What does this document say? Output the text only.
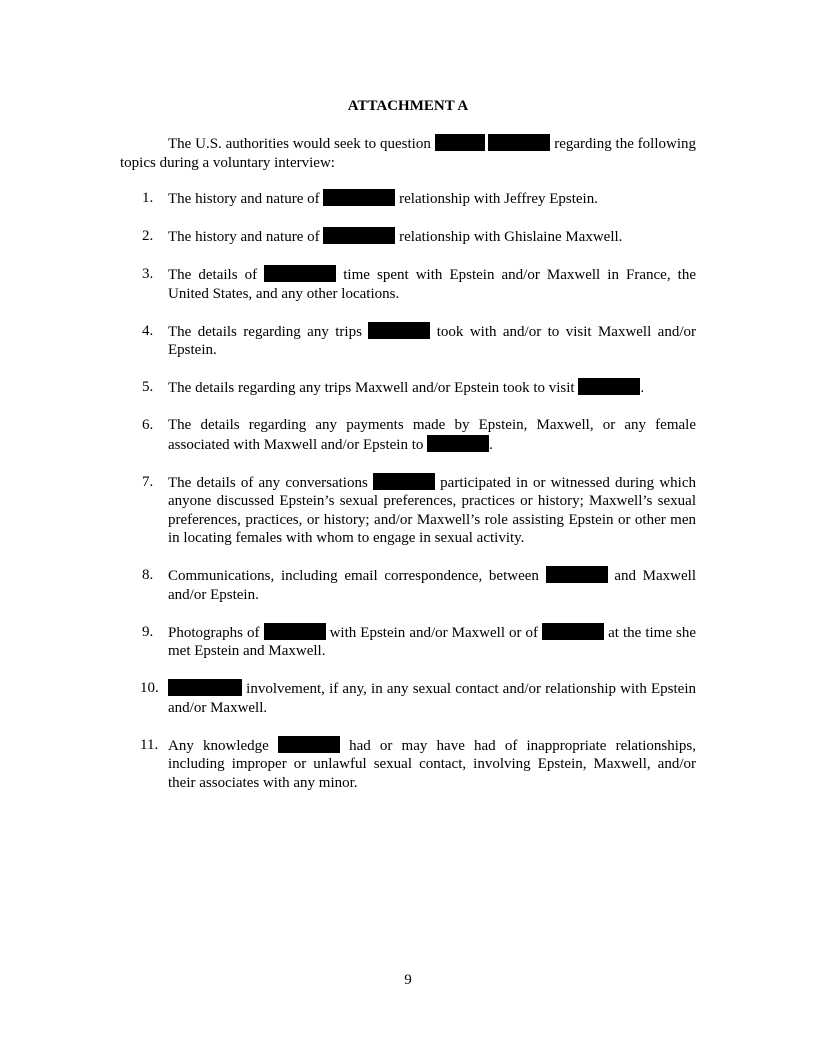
ATTACHMENT A

The U.S. authorities would seek to question	regarding the following topics during a voluntary interview:

1. The history and nature of	relationship with Jeffrey Epstein.
2. The history and nature of	relationship with Ghislaine Maxwell.
3. The details of	time spent with Epstein and/or Maxwell in France, the United States, and any other locations.
4. The details regarding any trips	took with and/or to visit Maxwell and/or Epstein.
5. The details regarding any trips Maxwell and/or Epstein took to visit	.
6. The details regarding any payments made by Epstein, Maxwell, or any female associated with Maxwell and/or Epstein to	.
7. The details of any conversations	participated in or witnessed during which anyone discussed Epstein’s sexual preferences, practices or history; Maxwell’s sexual preferences, practices, or history; and/or Maxwell’s role assisting Epstein or other men in locating females with whom to engage in sexual activity.
8. Communications, including email correspondence, between	and Maxwell and/or Epstein.
9. Photographs of	with Epstein and/or Maxwell or of	at the time she met Epstein and Maxwell.
10.	involvement, if any, in any sexual contact and/or relationship with Epstein and/or Maxwell.
11. Any knowledge	had or may have had of inappropriate relationships, including improper or unlawful sexual contact, involving Epstein, Maxwell, and/or their associates with any minor.
9
